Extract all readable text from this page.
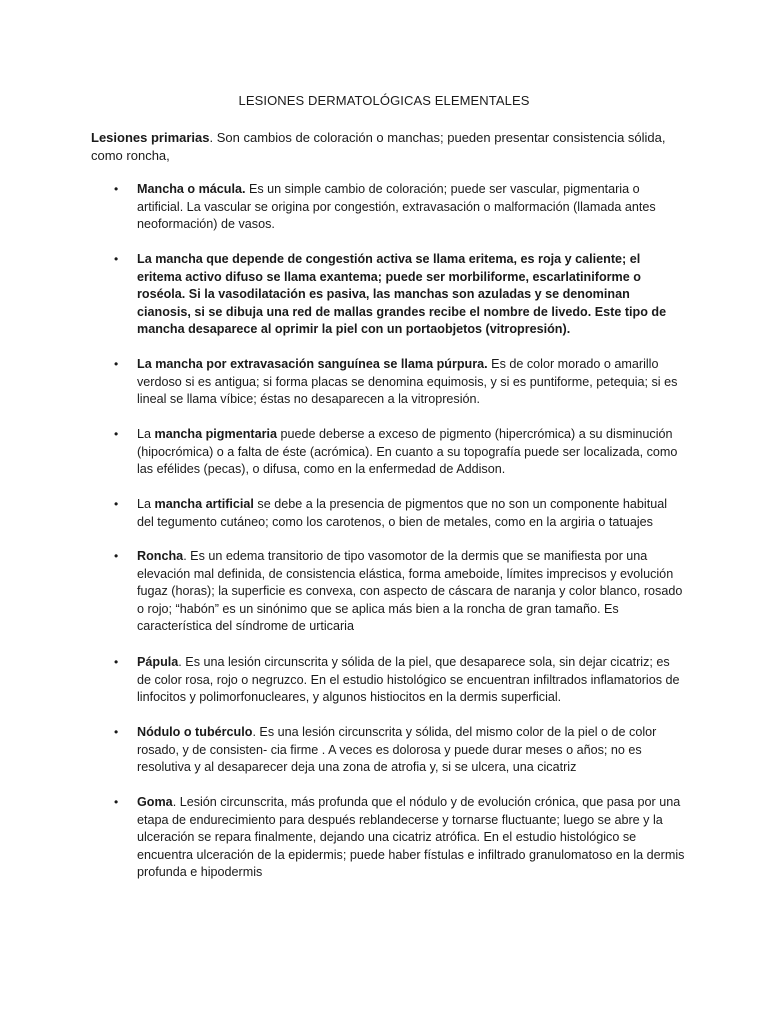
LESIONES DERMATOLÓGICAS ELEMENTALES

Lesiones primarias. Son cambios de coloración o manchas; pueden presentar consistencia sólida, como roncha,

•	Mancha o mácula. Es un simple cambio de coloración; puede ser vascular, pigmentaria o artificial. La vascular se origina por congestión, extravasación o malformación (llamada antes neoformación) de vasos.
•	La mancha que depende de congestión activa se llama eritema, es roja y caliente; el eritema activo difuso se llama exantema; puede ser morbiliforme, escarlatiniforme o roséola. Si la vasodilatación es pasiva, las manchas son azuladas y se denominan cianosis, si se dibuja una red de mallas grandes recibe el nombre de livedo. Este tipo de mancha desaparece al oprimir la piel con un portaobjetos (vitropresión).
•	La mancha por extravasación sanguínea se llama púrpura. Es de color morado o amarillo verdoso si es antigua; si forma placas se denomina equimosis, y si es puntiforme, petequia; si es lineal se llama víbice; éstas no desaparecen a la vitropresión.
•	La mancha pigmentaria puede deberse a exceso de pigmento (hipercrómica) a su disminución (hipocrómica) o a falta de éste (acrómica). En cuanto a su topografía puede ser localizada, como las efélides (pecas), o difusa, como en la enfermedad de Addison.
•	La mancha artificial se debe a la presencia de pigmentos que no son un componente habitual del tegumento cutáneo; como los carotenos, o bien de metales, como en la argiria o tatuajes
•	Roncha. Es un edema transitorio de tipo vasomotor de la dermis que se manifiesta por una elevación mal definida, de consistencia elástica, forma ameboide, límites imprecisos y evolución fugaz (horas); la superficie es convexa, con aspecto de cáscara de naranja y color blanco, rosado o rojo; “habón” es un sinónimo que se aplica más bien a la roncha de gran tamaño. Es característica del síndrome de urticaria
•	Pápula. Es una lesión circunscrita y sólida de la piel, que desaparece sola, sin dejar cicatriz; es de color rosa, rojo o negruzco. En el estudio histológico se encuentran infiltrados inflamatorios de linfocitos y polimorfonucleares, y algunos histiocitos en la dermis superficial.
•	Nódulo o tubérculo. Es una lesión circunscrita y sólida, del mismo color de la piel o de color rosado, y de consisten- cia firme . A veces es dolorosa y puede durar meses o años; no es resolutiva y al desaparecer deja una zona de atrofia y, si se ulcera, una cicatriz
•	Goma. Lesión circunscrita, más profunda que el nódulo y de evolución crónica, que pasa por una etapa de endurecimiento para después reblandecerse y tornarse fluctuante; luego se abre y la ulceración se repara finalmente, dejando una cicatriz atrófica. En el estudio histológico se encuentra ulceración de la epidermis; puede haber fístulas e infiltrado granulomatoso en la dermis profunda e hipodermis
